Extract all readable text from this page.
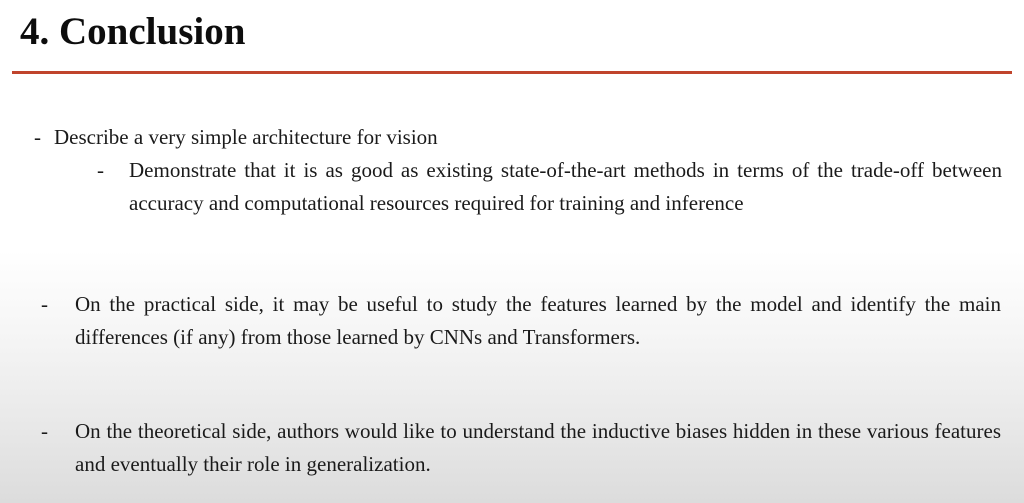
4. Conclusion
- Describe a very simple architecture for vision
- Demonstrate that it is as good as existing state-of-the-art methods in terms of the trade-off between accuracy and computational resources required for training and inference
- On the practical side, it may be useful to study the features learned by the model and identify the main differences (if any) from those learned by CNNs and Transformers.
- On the theoretical side, authors would like to understand the inductive biases hidden in these various features and eventually their role in generalization.
